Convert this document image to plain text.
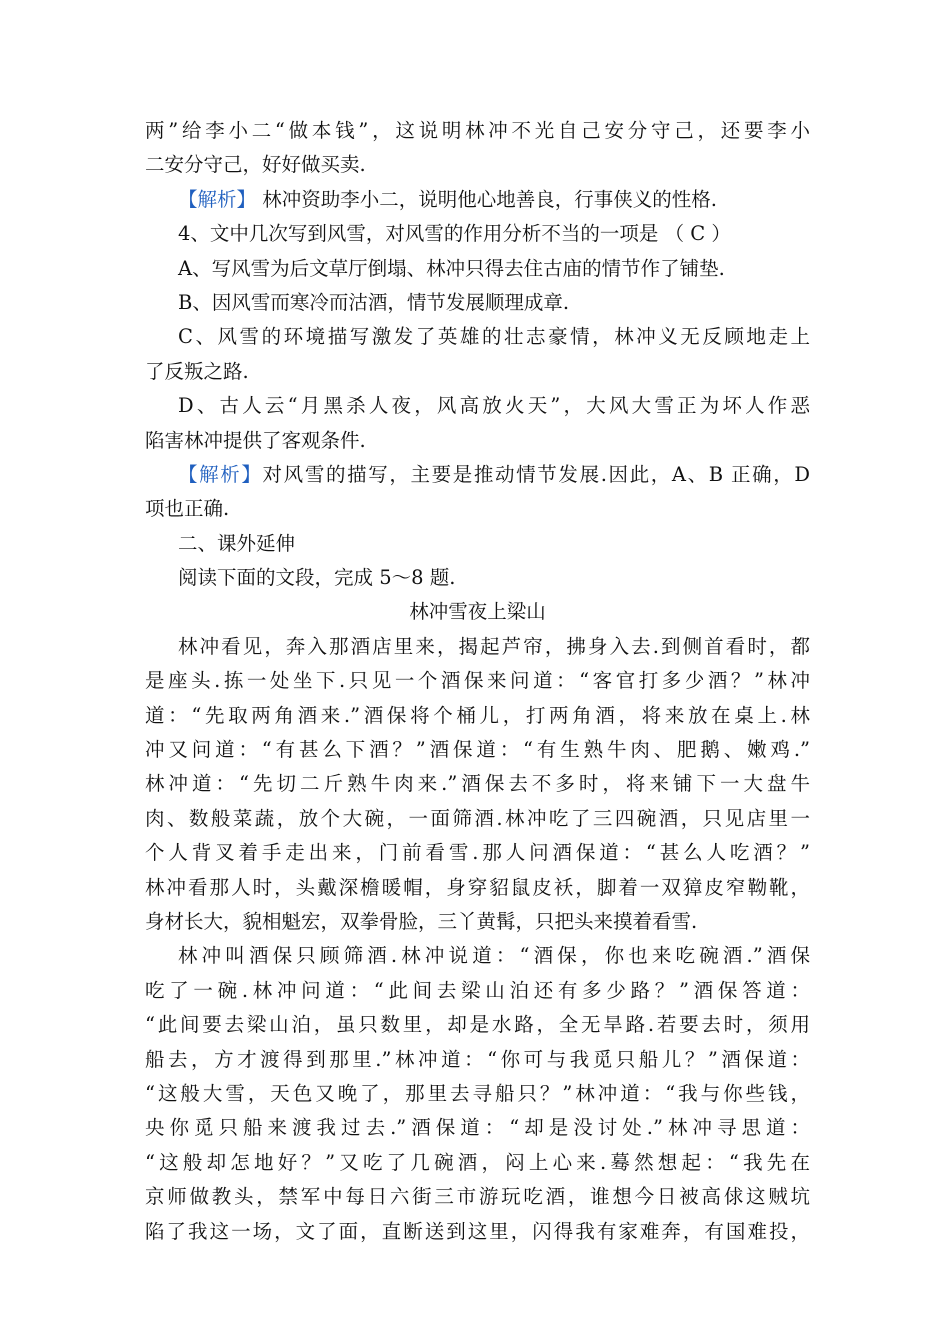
两”给李小二“做本钱”，这说明林冲不光自己安分守己，还要李小
二安分守己，好好做买卖.
【解析】 林冲资助李小二，说明他心地善良，行事侠义的性格.
4、文中几次写到风雪，对风雪的作用分析不当的一项是 （ C ）
A、写风雪为后文草厅倒塌、林冲只得去住古庙的情节作了铺垫.
B、因风雪而寒冷而沽酒，情节发展顺理成章.
C、风雪的环境描写激发了英雄的壮志豪情，林冲义无反顾地走上
了反叛之路.
D、古人云“月黑杀人夜，风高放火天”，大风大雪正为坏人作恶
陷害林冲提供了客观条件.
【解析】对风雪的描写，主要是推动情节发展.因此，A、B 正确，D
项也正确.
二、课外延伸
阅读下面的文段，完成 5～8 题.
林冲雪夜上梁山
林冲看见，奔入那酒店里来，揭起芦帘，拂身入去.到侧首看时，都
是座头.拣一处坐下.只见一个酒保来问道：“客官打多少酒？”林冲
道：“先取两角酒来.”酒保将个桶儿，打两角酒，将来放在桌上.林
冲又问道：“有甚么下酒？”酒保道：“有生熟牛肉、肥鹅、嫩鸡.”
林冲道：“先切二斤熟牛肉来.”酒保去不多时，将来铺下一大盘牛
肉、数般菜蔬，放个大碗，一面筛酒.林冲吃了三四碗酒，只见店里一
个人背叉着手走出来，门前看雪.那人问酒保道：“甚么人吃酒？”
林冲看那人时，头戴深檐暖帽，身穿貂鼠皮袄，脚着一双獐皮窄靿靴，
身材长大，貌相魁宏，双拳骨脸，三丫黄髯，只把头来摸着看雪.
林冲叫酒保只顾筛酒.林冲说道：“酒保，你也来吃碗酒.”酒保
吃了一碗.林冲问道：“此间去梁山泊还有多少路？”酒保答道：
“此间要去梁山泊，虽只数里，却是水路，全无旱路.若要去时，须用
船去，方才渡得到那里.”林冲道：“你可与我觅只船儿？”酒保道：
“这般大雪，天色又晚了，那里去寻船只？”林冲道：“我与你些钱，
央你觅只船来渡我过去.”酒保道：“却是没讨处.”林冲寻思道：
“这般却怎地好？”又吃了几碗酒，闷上心来.蓦然想起：“我先在
京师做教头，禁军中每日六街三市游玩吃酒，谁想今日被高俅这贼坑
陷了我这一场，文了面，直断送到这里，闪得我有家难奔，有国难投，
